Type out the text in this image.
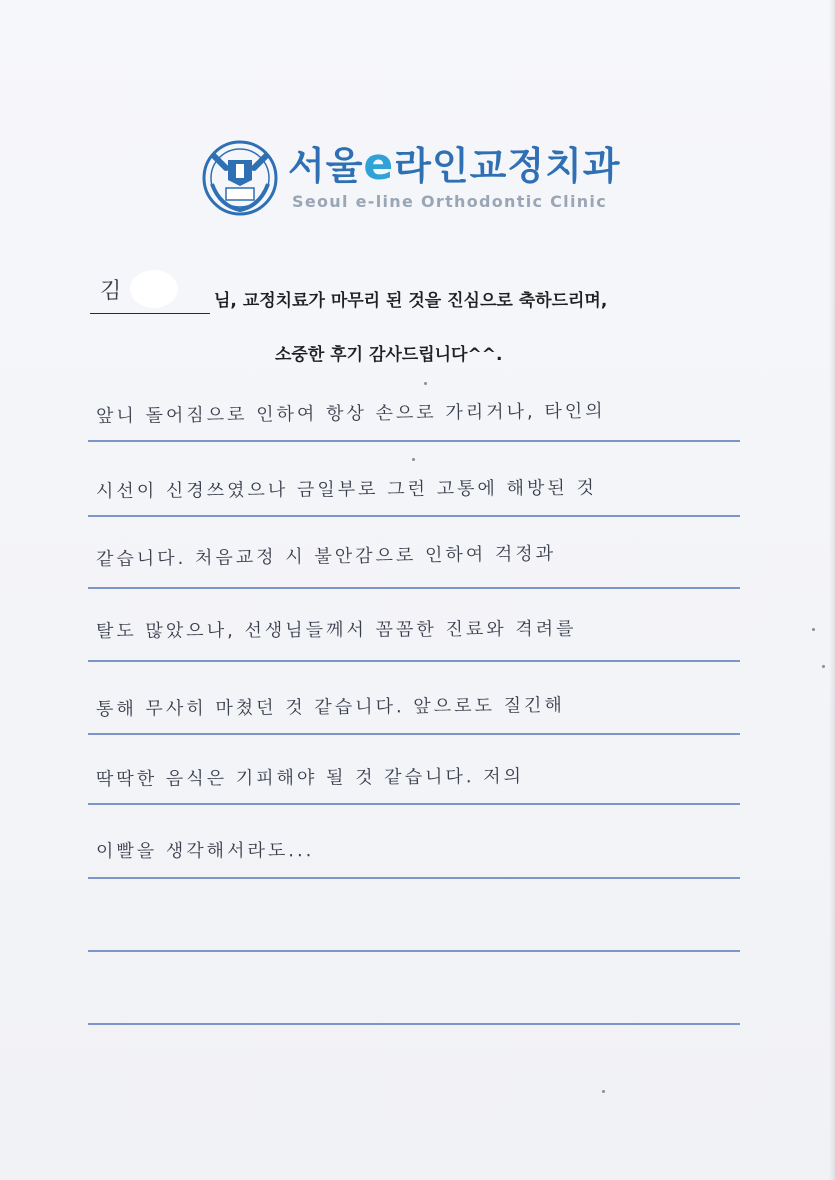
서울e라인교정치과
Seoul e-line Orthodontic Clinic
김	님, 교정치료가 마무리 된 것을 진심으로 축하드리며,
소중한 후기 감사드립니다^^.
앞니 돌어짐으로 인하여 항상 손으로 가리거나, 타인의
시선이 신경쓰였으나 금일부로 그런 고통에 해방된 것
같습니다. 처음교정 시 불안감으로 인하여 걱정과
탈도 많았으나, 선생님들께서 꼼꼼한 진료와 격려를
통해 무사히 마쳤던 것 같습니다. 앞으로도 질긴해
딱딱한 음식은 기피해야 될 것 같습니다. 저의
이빨을 생각해서라도...
